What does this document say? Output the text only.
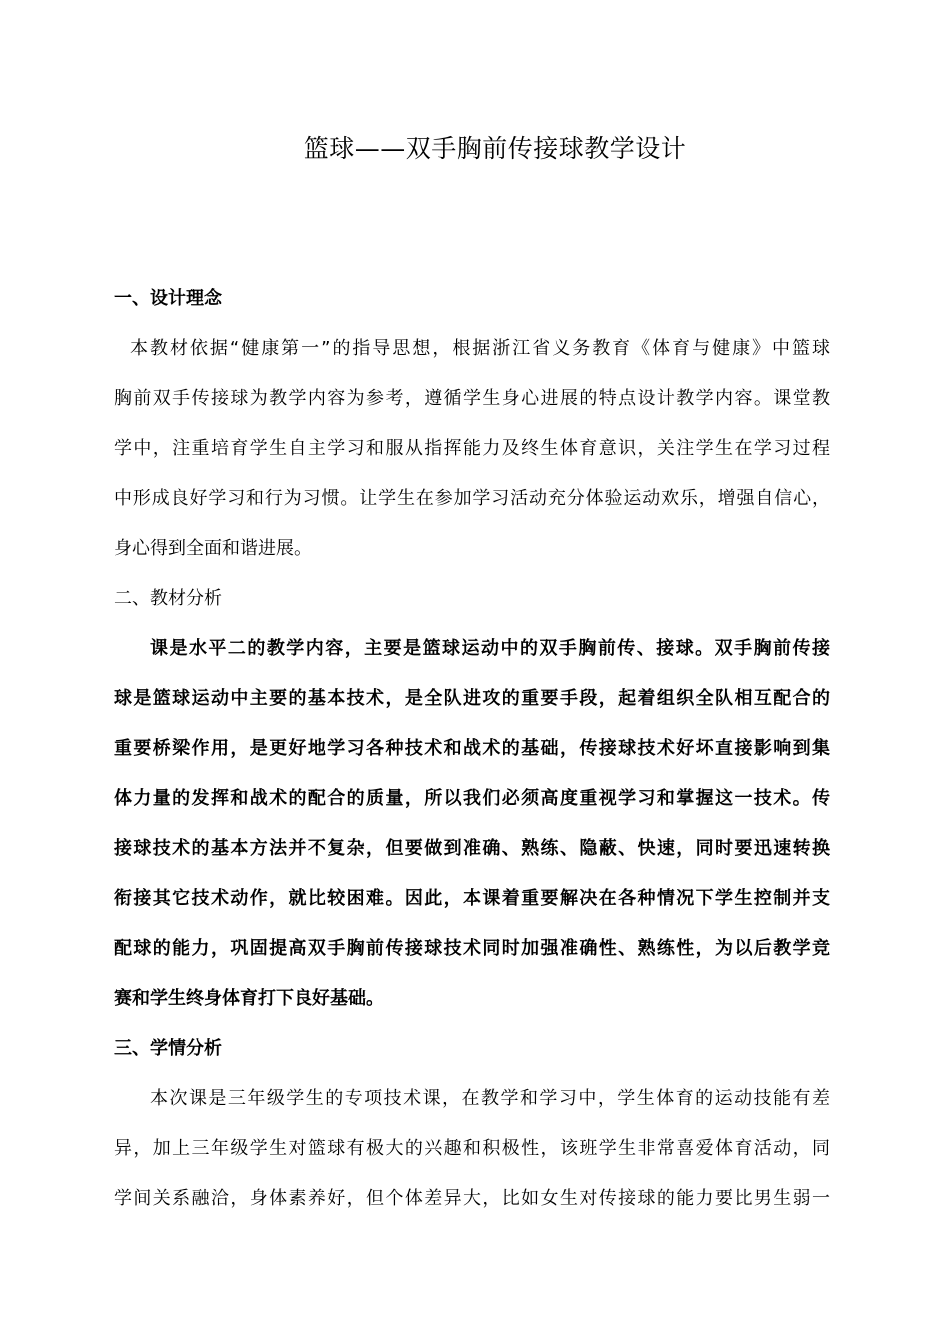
篮球——双手胸前传接球教学设计
一、设计理念
本教材依据“健康第一”的指导思想，根据浙江省义务教育《体育与健康》中篮球
胸前双手传接球为教学内容为参考，遵循学生身心进展的特点设计教学内容。课堂教
学中，注重培育学生自主学习和服从指挥能力及终生体育意识，关注学生在学习过程
中形成良好学习和行为习惯。让学生在参加学习活动充分体验运动欢乐，增强自信心，
身心得到全面和谐进展。
二、教材分析
课是水平二的教学内容，主要是篮球运动中的双手胸前传、接球。双手胸前传接
球是篮球运动中主要的基本技术，是全队进攻的重要手段，起着组织全队相互配合的
重要桥梁作用，是更好地学习各种技术和战术的基础，传接球技术好坏直接影响到集
体力量的发挥和战术的配合的质量，所以我们必须高度重视学习和掌握这一技术。传
接球技术的基本方法并不复杂，但要做到准确、熟练、隐蔽、快速，同时要迅速转换
衔接其它技术动作，就比较困难。因此，本课着重要解决在各种情况下学生控制并支
配球的能力，巩固提高双手胸前传接球技术同时加强准确性、熟练性，为以后教学竞
赛和学生终身体育打下良好基础。
三、学情分析
本次课是三年级学生的专项技术课，在教学和学习中，学生体育的运动技能有差
异，加上三年级学生对篮球有极大的兴趣和积极性，该班学生非常喜爱体育活动，同
学间关系融洽，身体素养好，但个体差异大，比如女生对传接球的能力要比男生弱一
